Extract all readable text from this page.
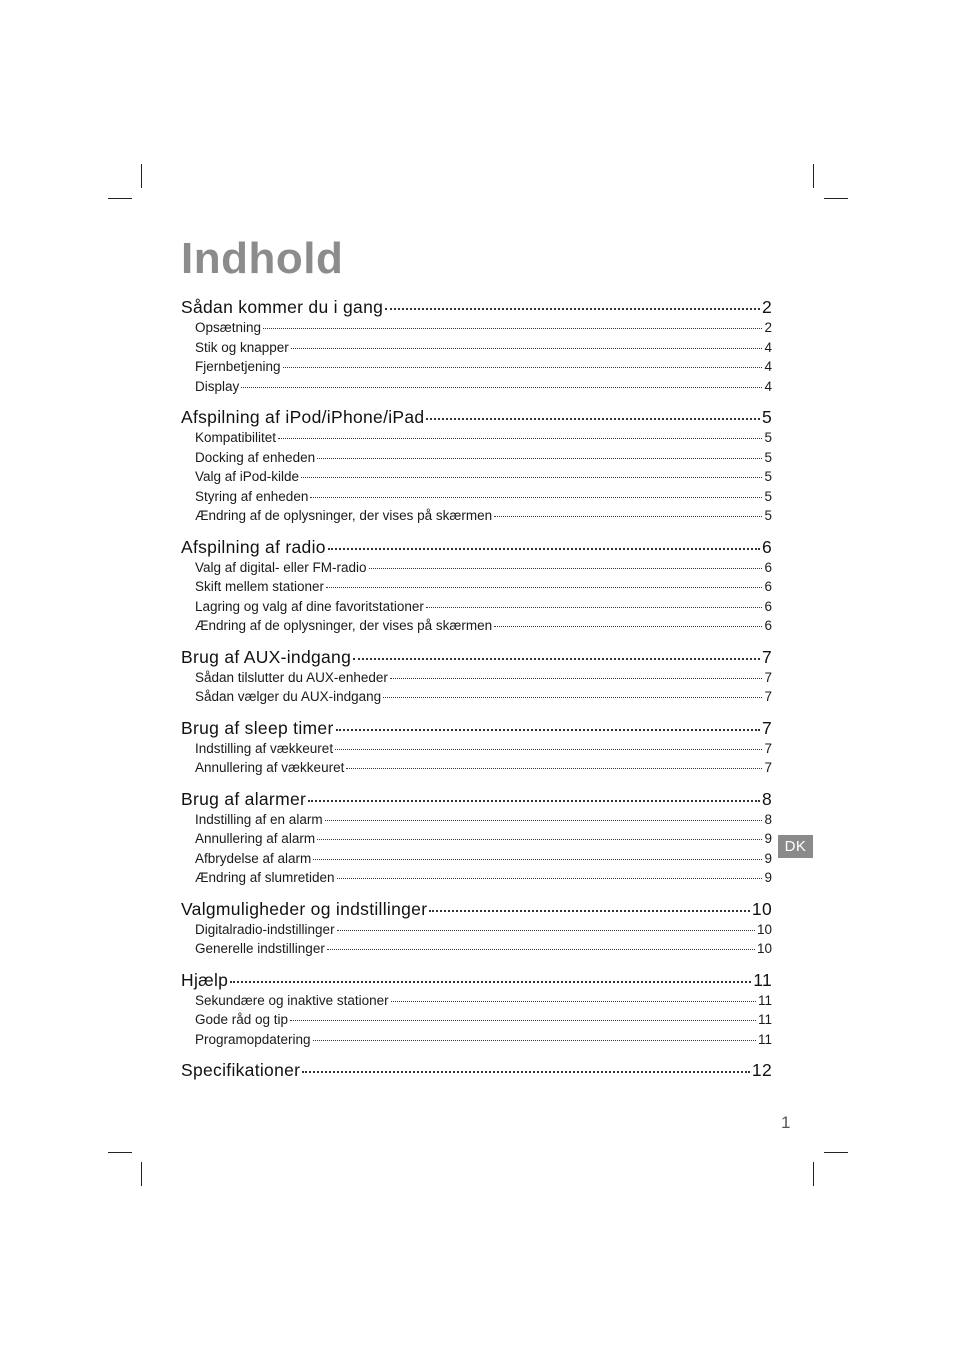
Indhold
Sådan kommer du i gang	2
Opsætning	2
Stik og knapper	4
Fjernbetjening	4
Display	4
Afspilning af iPod/iPhone/iPad	5
Kompatibilitet	5
Docking af enheden	5
Valg af iPod-kilde	5
Styring af enheden	5
Ændring af de oplysninger, der vises på skærmen	5
Afspilning af radio	6
Valg af digital- eller FM-radio	6
Skift mellem stationer	6
Lagring og valg af dine favoritstationer	6
Ændring af de oplysninger, der vises på skærmen	6
Brug af AUX-indgang	7
Sådan tilslutter du AUX-enheder	7
Sådan vælger du AUX-indgang	7
Brug af sleep timer	7
Indstilling af vækkeuret	7
Annullering af vækkeuret	7
Brug af alarmer	8
Indstilling af en alarm	8
Annullering af alarm	9
Afbrydelse af alarm	9
Ændring af slumretiden	9
Valgmuligheder og indstillinger	10
Digitalradio-indstillinger	10
Generelle indstillinger	10
Hjælp	11
Sekundære og inaktive stationer	11
Gode råd og tip	11
Programopdatering	11
Specifikationer	12
DK
1
